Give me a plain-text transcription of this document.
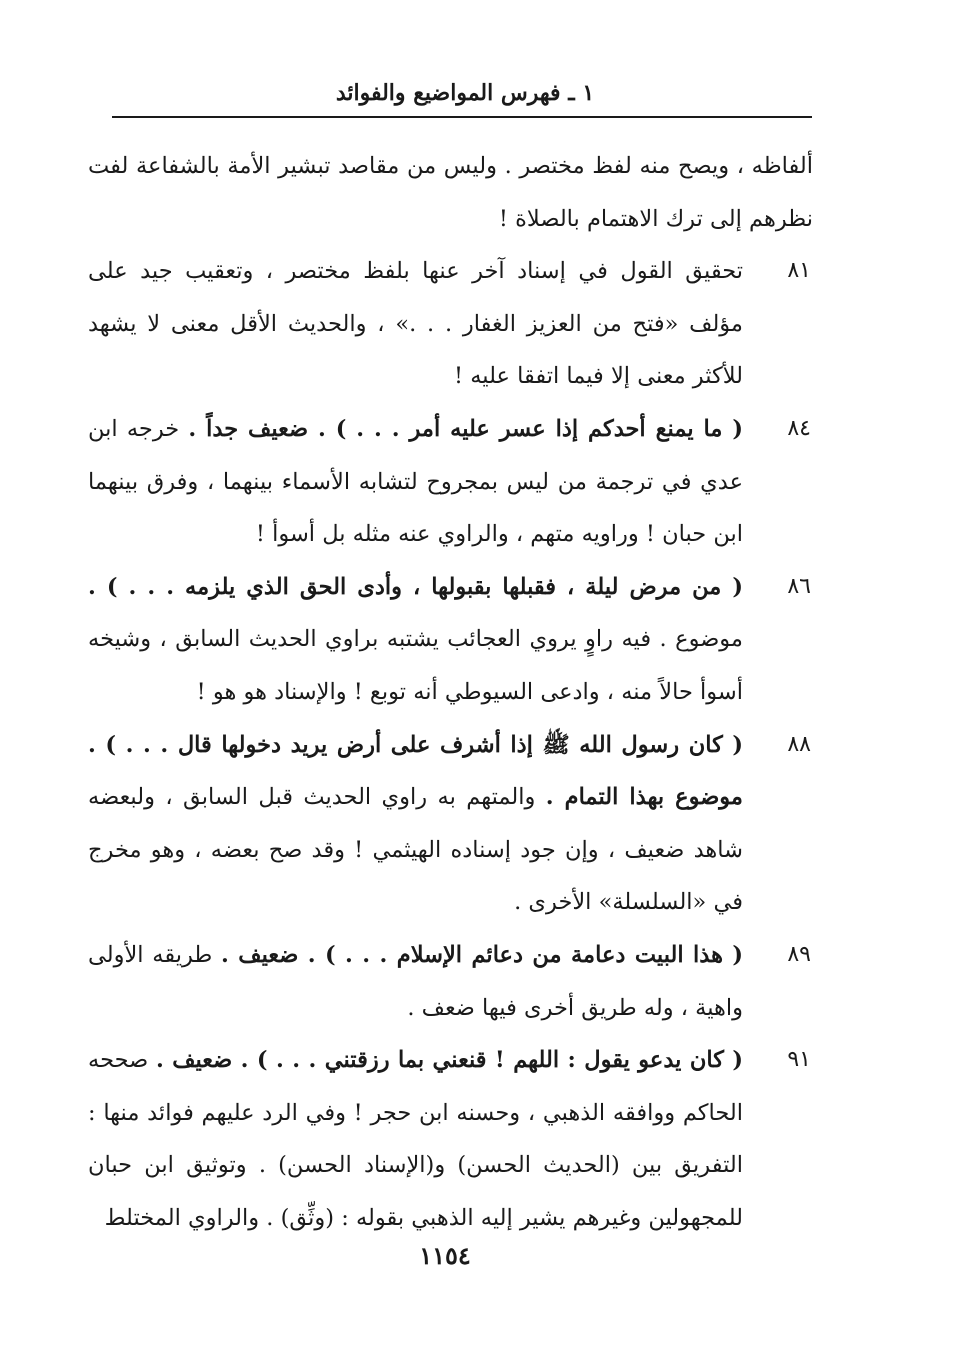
١ ـ فهرس المواضيع والفوائد
ألفاظه ، ويصح منه لفظ مختصر . وليس من مقاصد تبشير الأمة بالشفاعة لفت نظرهم إلى ترك الاهتمام بالصلاة !
٨١
تحقيق القول في إسناد آخر عنها بلفظ مختصر ، وتعقيب جيد على مؤلف «فتح من العزيز الغفار . . .» ، والحديث الأقل معنى لا يشهد للأكثر معنى إلا فيما اتفقا عليه !
٨٤
( ما يمنع أحدكم إذا عسر عليه أمر . . . ) . ضعيف جداً . خرجه ابن عدي في ترجمة من ليس بمجروح لتشابه الأسماء بينهما ، وفرق بينهما ابن حبان ! وراويه متهم ، والراوي عنه مثله بل أسوأ !
٨٦
( من مرض ليلة ، فقبلها بقبولها ، وأدى الحق الذي يلزمه . . . ) . موضوع . فيه راوٍ يروي العجائب يشتبه براوي الحديث السابق ، وشيخه أسوأ حالاً منه ، وادعى السيوطي أنه توبع ! والإسناد هو هو !
٨٨
( كان رسول الله ﷺ إذا أشرف على أرض يريد دخولها قال . . . ) . موضوع بهذا التمام . والمتهم به راوي الحديث قبل السابق ، ولبعضه شاهد ضعيف ، وإن جود إسناده الهيثمي ! وقد صح بعضه ، وهو مخرج في «السلسلة» الأخرى .
٨٩
( هذا البيت دعامة من دعائم الإسلام . . . ) . ضعيف . طريقه الأولى واهية ، وله طريق أخرى فيها ضعف .
٩١
( كان يدعو يقول : اللهم ! قنعني بما رزقتني . . . ) . ضعيف . صححه الحاكم ووافقه الذهبي ، وحسنه ابن حجر ! وفي الرد عليهم فوائد منها : التفريق بين (الحديث الحسن) و(الإسناد الحسن) . وتوثيق ابن حبان للمجهولين وغيرهم يشير إليه الذهبي بقوله : (وثِّق) . والراوي المختلط
١١٥٤
